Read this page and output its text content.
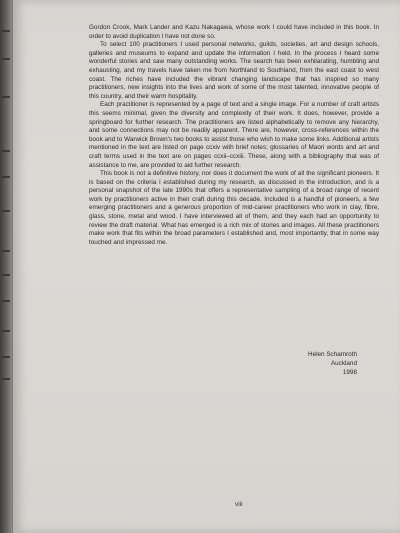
Gordon Crook, Mark Lander and Kazu Nakagawa, whose work I could have included in this book. In order to avoid duplication I have not done so.

To select 100 practitioners I used personal networks, guilds, societies, art and design schools, galleries and museums to expand and update the information I held. In the process I heard some wonderful stories and saw many outstanding works. The search has been exhilarating, humbling and exhausting, and my travels have taken me from Northland to Southland, from the east coast to west coast. The riches have included the vibrant changing landscape that has inspired so many practitioners, new insights into the lives and work of some of the most talented, innovative people of this country, and their warm hospitality.

Each practitioner is represented by a page of text and a single image. For a number of craft artists this seems minimal, given the diversity and complexity of their work. It does, however, provide a springboard for further research. The practitioners are listed alphabetically to remove any hierarchy, and some connections may not be readily apparent. There are, however, cross-references within the book and to Warwick Brown's two books to assist those who wish to make some links. Additional artists mentioned in the text are listed on page ccxiv with brief notes; glossaries of Maori words and art and craft terms used in the text are on pages ccxii–ccxiii. These, along with a bibliography that was of assistance to me, are provided to aid further research.

This book is not a definitive history, nor does it document the work of all the significant pioneers. It is based on the criteria I established during my research, as discussed in the introduction, and is a personal snapshot of the late 1990s that offers a representative sampling of a broad range of recent work by practitioners active in their craft during this decade. Included is a handful of pioneers, a few emerging practitioners and a generous proportion of mid-career practitioners who work in clay, fibre, glass, stone, metal and wood. I have interviewed all of them, and they each had an opportunity to review the draft material. What has emerged is a rich mix of stories and images. All these practitioners make work that fits within the broad parameters I established and, most importantly, that in some way touched and impressed me.

Helen Schamroth
Auckland
1998
viii
